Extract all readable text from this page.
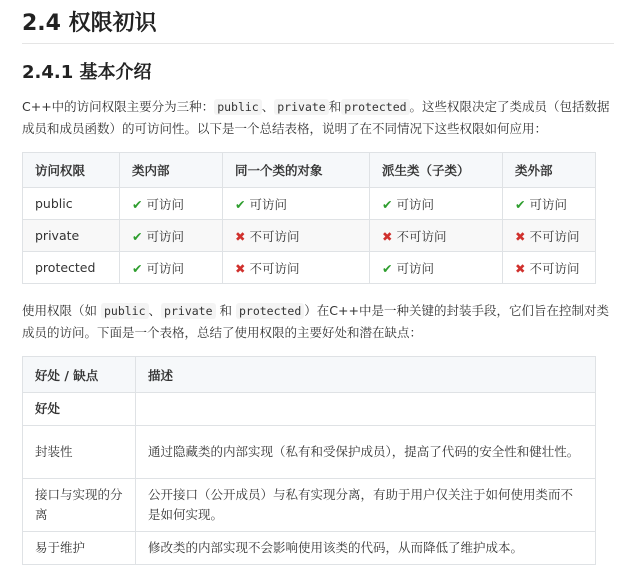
2.4 权限初识
2.4.1 基本介绍

C++中的访问权限主要分为三种： public 、 private 和 protected 。这些权限决定了类成员（包括数据成员和成员函数）的可访问性。以下是一个总结表格，说明了在不同情况下这些权限如何应用：

访问权限	类内部	同一个类的对象	派生类（子类）	类外部
public	✔ 可访问	✔ 可访问	✔ 可访问	✔ 可访问
private	✔ 可访问	✖ 不可访问	✖ 不可访问	✖ 不可访问
protected	✔ 可访问	✖ 不可访问	✔ 可访问	✖ 不可访问

使用权限（如 public 、 private 和 protected ）在C++中是一种关键的封装手段，它们旨在控制对类成员的访问。下面是一个表格，总结了使用权限的主要好处和潜在缺点：

好处 / 缺点	描述
好处	
封装性	通过隐藏类的内部实现（私有和受保护成员），提高了代码的安全性和健壮性。
接口与实现的分离	公开接口（公开成员）与私有实现分离，有助于用户仅关注于如何使用类而不是如何实现。
易于维护	修改类的内部实现不会影响使用该类的代码，从而降低了维护成本。
